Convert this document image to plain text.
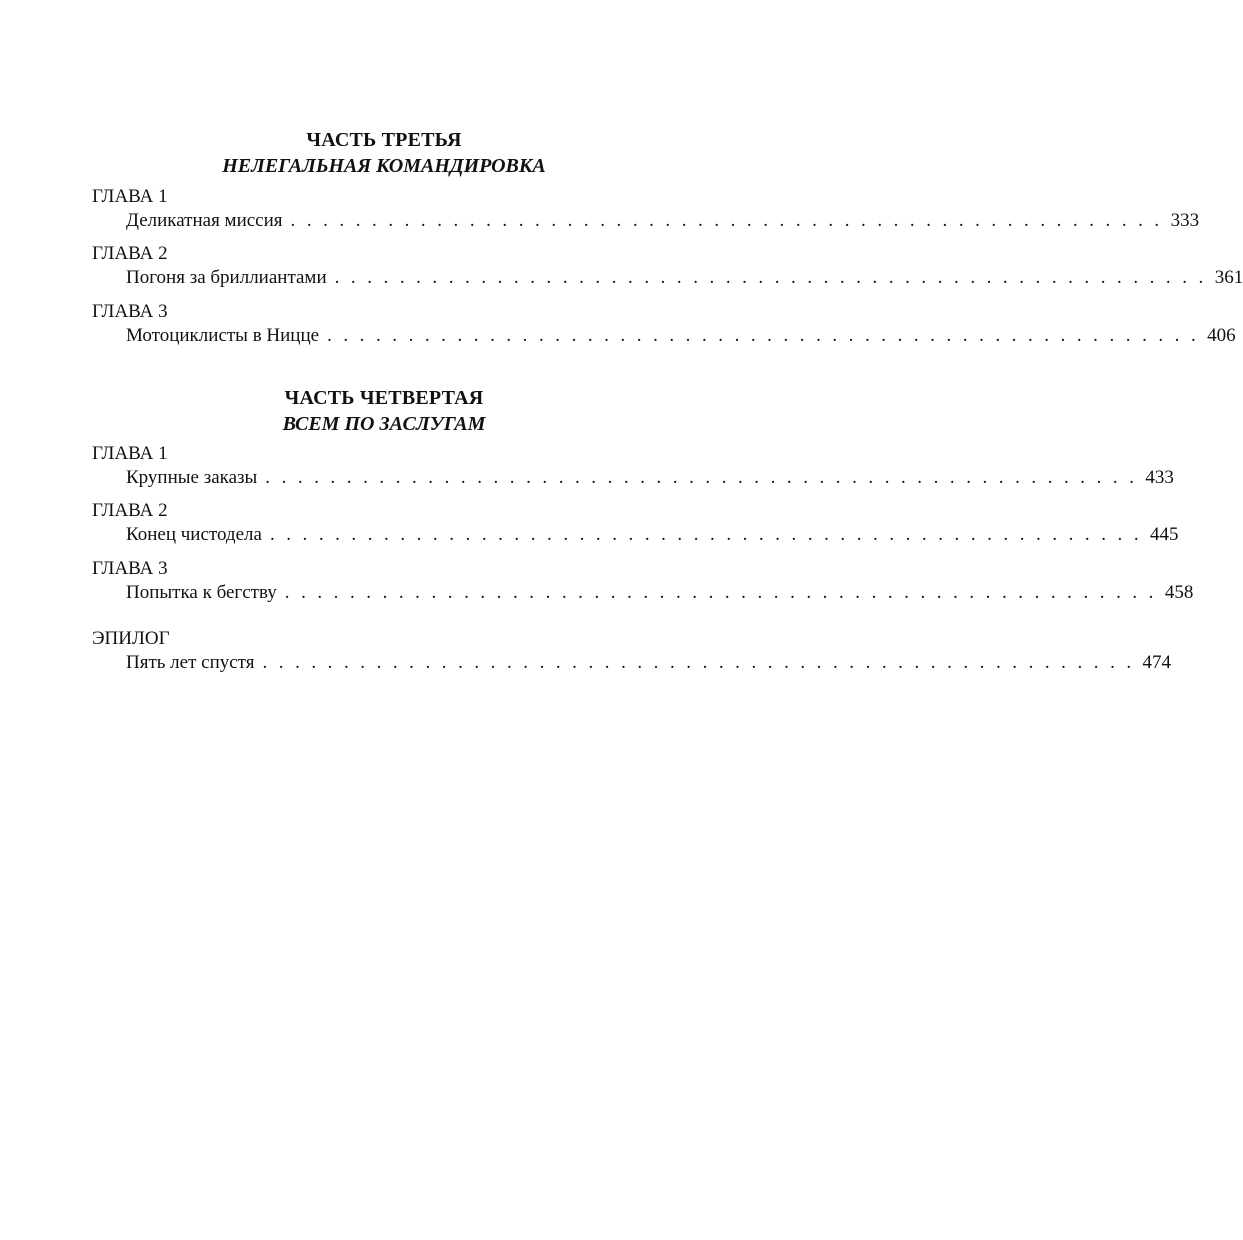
ЧАСТЬ ТРЕТЬЯ
НЕЛЕГАЛЬНАЯ КОМАНДИРОВКА
ГЛАВА 1
Деликатная миссия . . . . . . . . . . . . . . . . . . . . . . . . . . . . . . . . . . . . . . . . . . . . . . . . . . . . . . 333
ГЛАВА 2
Погоня за бриллиантами . . . . . . . . . . . . . . . . . . . . . . . . . . . . . . . . . . . . . . . . . . . . . . . . . . . . . . 361
ГЛАВА 3
Мотоциклисты в Ницце . . . . . . . . . . . . . . . . . . . . . . . . . . . . . . . . . . . . . . . . . . . . . . . . . . . . . . 406
ЧАСТЬ ЧЕТВЕРТАЯ
ВСЕМ ПО ЗАСЛУГАМ
ГЛАВА 1
Крупные заказы . . . . . . . . . . . . . . . . . . . . . . . . . . . . . . . . . . . . . . . . . . . . . . . . . . . . . . 433
ГЛАВА 2
Конец чистодела . . . . . . . . . . . . . . . . . . . . . . . . . . . . . . . . . . . . . . . . . . . . . . . . . . . . . . 445
ГЛАВА 3
Попытка к бегству . . . . . . . . . . . . . . . . . . . . . . . . . . . . . . . . . . . . . . . . . . . . . . . . . . . . . . 458
ЭПИЛОГ
Пять лет спустя . . . . . . . . . . . . . . . . . . . . . . . . . . . . . . . . . . . . . . . . . . . . . . . . . . . . . . 474
